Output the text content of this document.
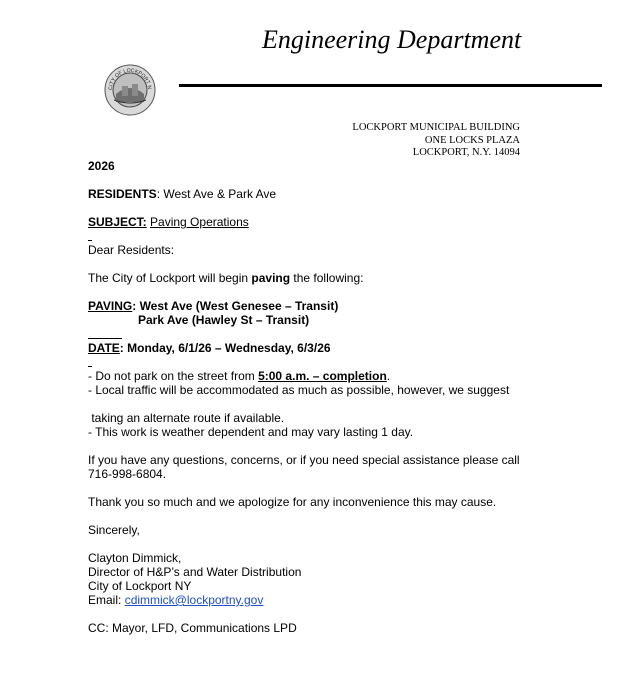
Engineering Department
CITY OF LOCKPORT N
LOCKPORT MUNICIPAL BUILDING
ONE LOCKS PLAZA
LOCKPORT, N.Y. 14094
2026
RESIDENTS: West Ave & Park Ave
SUBJECT: Paving Operations
Dear Residents:
The City of Lockport will begin paving the following:
PAVING: West Ave (West Genesee – Transit)
Park Ave (Hawley St – Transit)
DATE: Monday, 6/1/26 – Wednesday, 6/3/26
- Do not park on the street from 5:00 a.m. – completion.
- Local traffic will be accommodated as much as possible, however, we suggest
taking an alternate route if available.
- This work is weather dependent and may vary lasting 1 day.
If you have any questions, concerns, or if you need special assistance please call
716-998-6804.
Thank you so much and we apologize for any inconvenience this may cause.
Sincerely,
Clayton Dimmick,
Director of H&P’s and Water Distribution
City of Lockport NY
Email: cdimmick@lockportny.gov
CC: Mayor, LFD, Communications LPD
